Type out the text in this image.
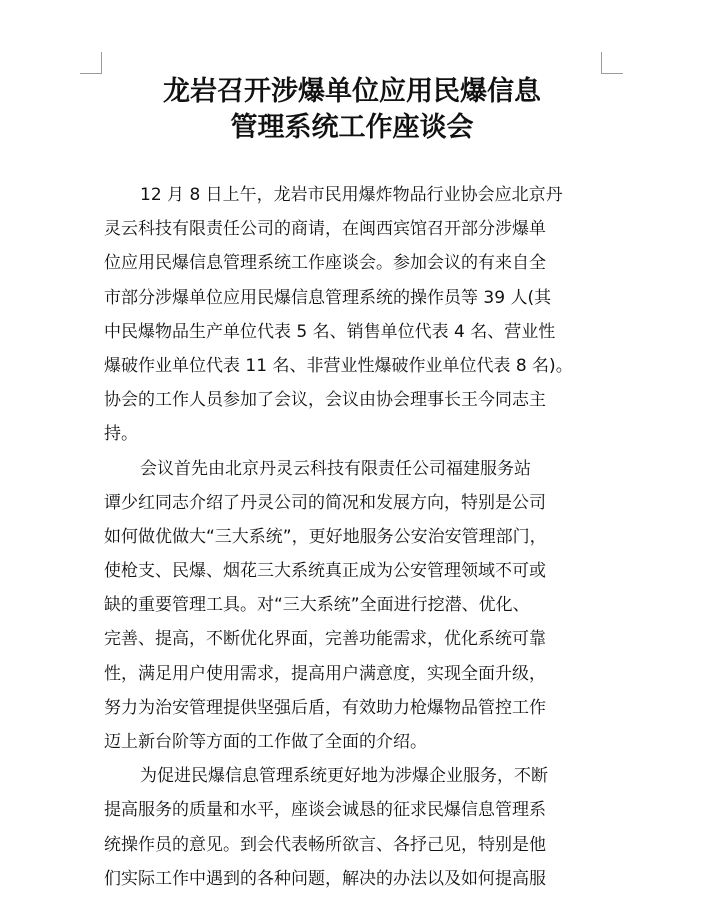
龙岩召开涉爆单位应用民爆信息
管理系统工作座谈会
12 月 8 日上午，龙岩市民用爆炸物品行业协会应北京丹
灵云科技有限责任公司的商请，在闽西宾馆召开部分涉爆单
位应用民爆信息管理系统工作座谈会。参加会议的有来自全
市部分涉爆单位应用民爆信息管理系统的操作员等 39 人(其
中民爆物品生产单位代表 5 名、销售单位代表 4 名、营业性
爆破作业单位代表 11 名、非营业性爆破作业单位代表 8 名)。
协会的工作人员参加了会议，会议由协会理事长王今同志主
持。
会议首先由北京丹灵云科技有限责任公司福建服务站
谭少红同志介绍了丹灵公司的简况和发展方向，特别是公司
如何做优做大“三大系统”，更好地服务公安治安管理部门，
使枪支、民爆、烟花三大系统真正成为公安管理领域不可或
缺的重要管理工具。对“三大系统”全面进行挖潜、优化、
完善、提高，不断优化界面，完善功能需求，优化系统可靠
性，满足用户使用需求，提高用户满意度，实现全面升级，
努力为治安管理提供坚强后盾，有效助力枪爆物品管控工作
迈上新台阶等方面的工作做了全面的介绍。
为促进民爆信息管理系统更好地为涉爆企业服务，不断
提高服务的质量和水平，座谈会诚恳的征求民爆信息管理系
统操作员的意见。到会代表畅所欲言、各抒己见，特别是他
们实际工作中遇到的各种问题，解决的办法以及如何提高服
